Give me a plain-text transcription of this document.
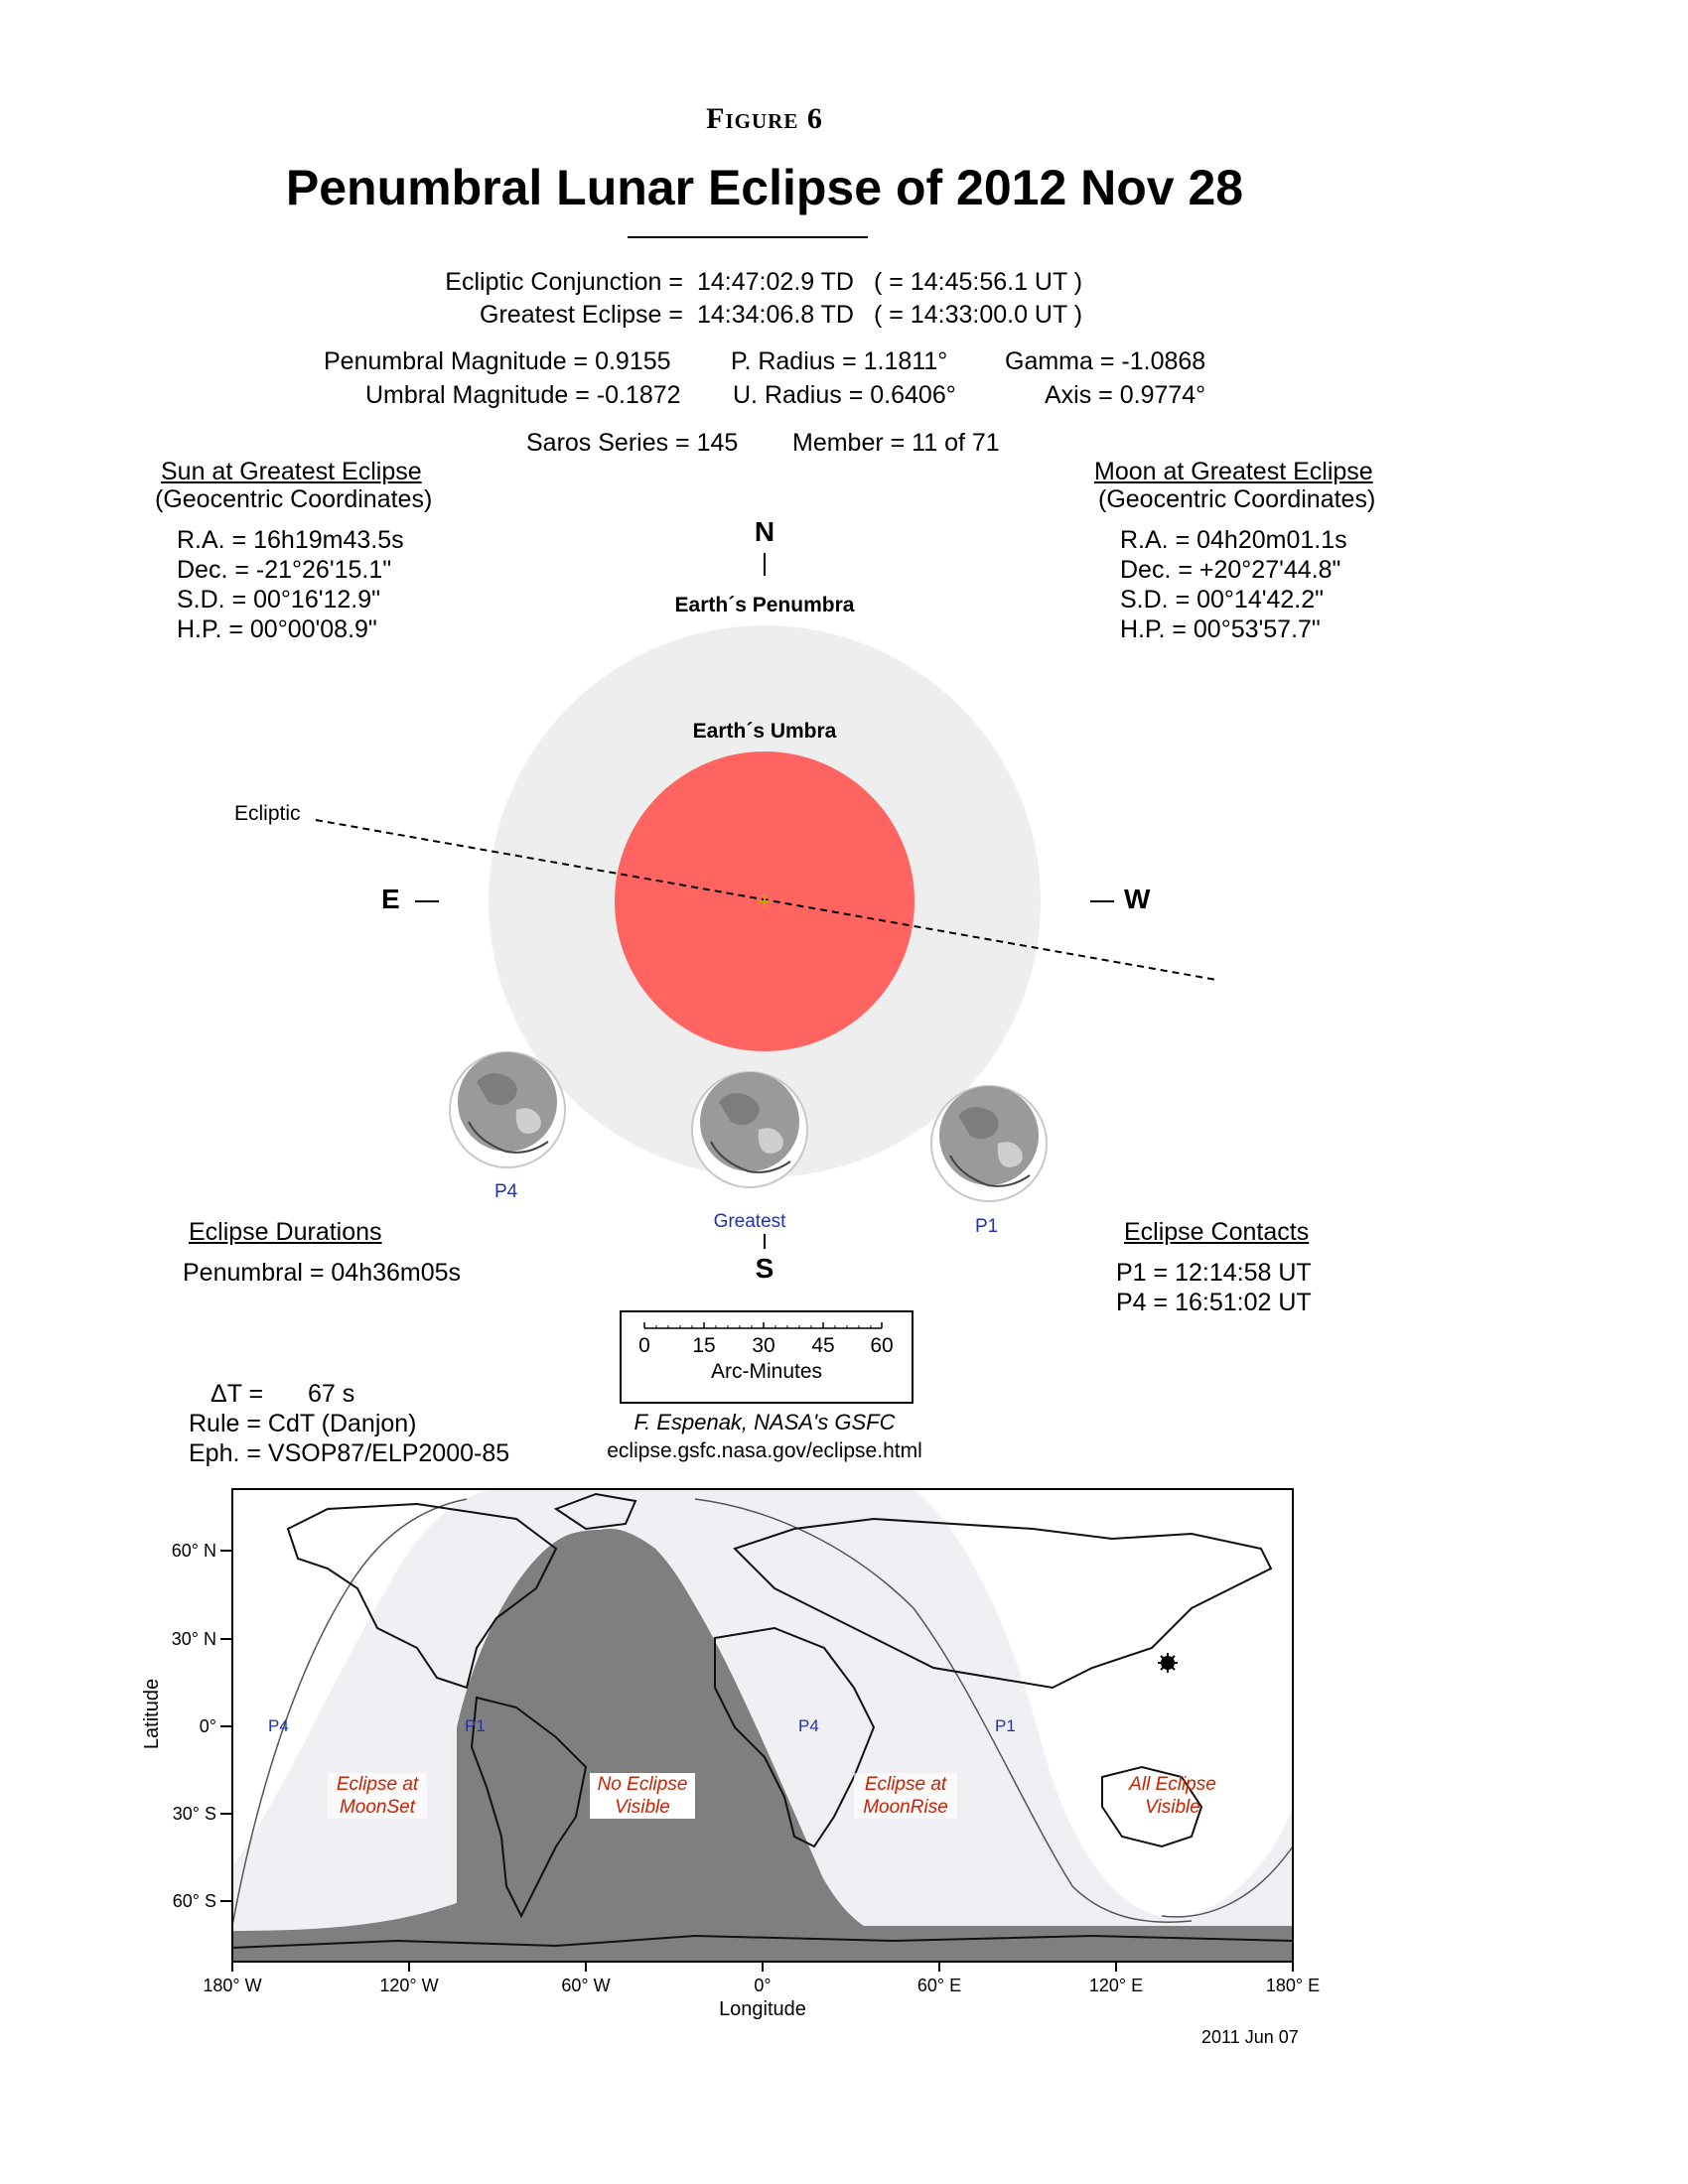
Figure 6
Penumbral Lunar Eclipse of 2012 Nov 28
Ecliptic Conjunction = 14:47:02.9 TD ( = 14:45:56.1 UT )
Greatest Eclipse = 14:34:06.8 TD ( = 14:33:00.0 UT )
Penumbral Magnitude = 0.9155
Umbral Magnitude = -0.1872
P. Radius = 1.1811°
U. Radius = 0.6406°
Gamma = -1.0868
Axis = 0.9774°
Saros Series = 145 Member = 11 of 71
Sun at Greatest Eclipse
(Geocentric Coordinates)
R.A. = 16h19m43.5s
Dec. = -21°26'15.1"
S.D. = 00°16'12.9"
H.P. = 00°00'08.9"
Moon at Greatest Eclipse
(Geocentric Coordinates)
R.A. = 04h20m01.1s
Dec. = +20°27'44.8"
S.D. = 00°14'42.2"
H.P. = 00°53'57.7"
N
S
E	W
Earth´s Penumbra
Earth´s Umbra
Ecliptic
P4
Greatest	P1
Eclipse Durations
Penumbral = 04h36m05s
Eclipse Contacts
P1 = 12:14:58 UT
P4 = 16:51:02 UT
0	15	30	45	60
Arc-Minutes
ΔT = 67 s
Rule = CdT (Danjon)
Eph. = VSOP87/ELP2000-85
F. Espenak, NASA's GSFC
eclipse.gsfc.nasa.gov/eclipse.html
Latitude
60° N
30° N
0°
30° S
60° S
180° W	120° W	60° W	0°	60° E	120° E	180° E
Longitude
P4	P1	P4	P1
Eclipse at
MoonSet
No Eclipse
Visible
Eclipse at
MoonRise
All Eclipse
Visible
2011 Jun 07
